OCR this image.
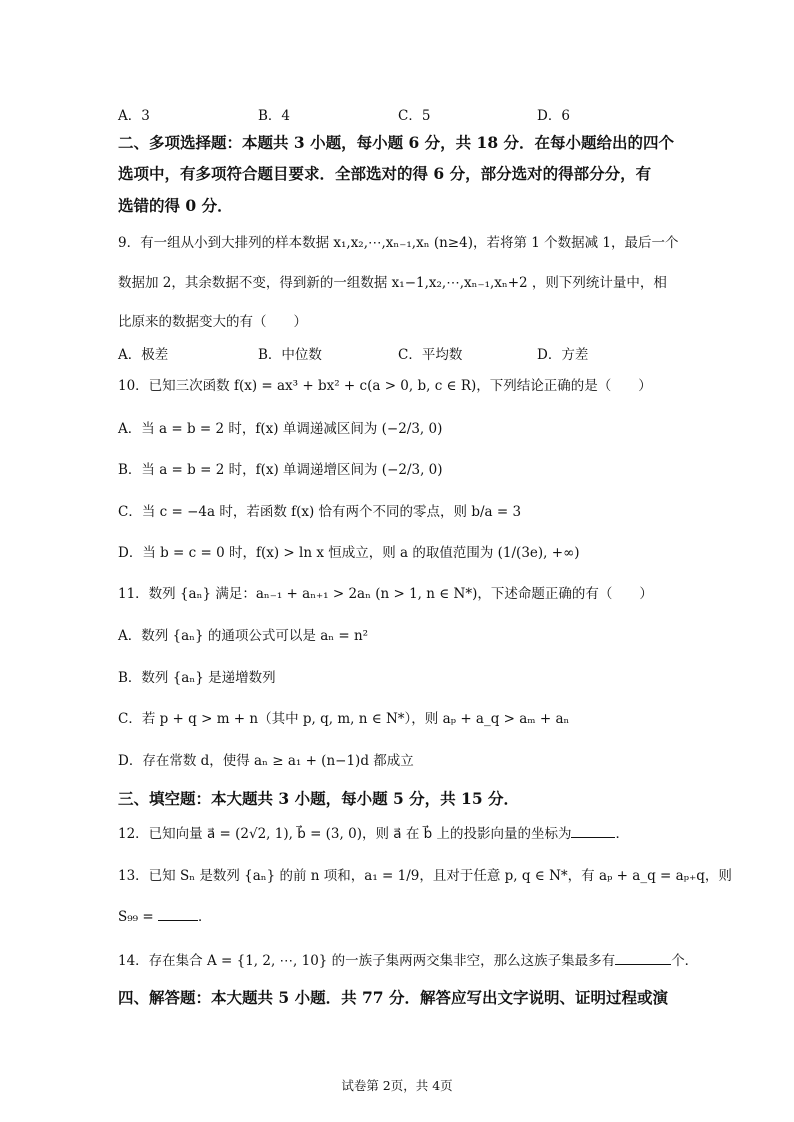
A．3	B．4	C．5	D．6
二、多项选择题：本题共 3 小题，每小题 6 分，共 18 分．在每小题给出的四个
选项中，有多项符合题目要求．全部选对的得 6 分，部分选对的得部分分，有
选错的得 0 分．
9．有一组从小到大排列的样本数据 x₁,x₂,⋯,xₙ₋₁,xₙ (n≥4)，若将第 1 个数据减 1，最后一个
数据加 2，其余数据不变，得到新的一组数据 x₁−1,x₂,⋯,xₙ₋₁,xₙ+2 ，则下列统计量中，相
比原来的数据变大的有（　　）
A．极差	B．中位数	C．平均数	D．方差
10．已知三次函数 f(x) = ax³ + bx² + c(a > 0, b, c ∈ R)，下列结论正确的是（　　）
A．当 a = b = 2 时，f(x) 单调递减区间为 (−2/3, 0)
B．当 a = b = 2 时，f(x) 单调递增区间为 (−2/3, 0)
C．当 c = −4a 时，若函数 f(x) 恰有两个不同的零点，则 b/a = 3
D．当 b = c = 0 时，f(x) > ln x 恒成立，则 a 的取值范围为 (1/(3e), +∞)
11．数列 {aₙ} 满足：aₙ₋₁ + aₙ₊₁ > 2aₙ (n > 1, n ∈ N*)，下述命题正确的有（　　）
A．数列 {aₙ} 的通项公式可以是 aₙ = n²
B．数列 {aₙ} 是递增数列
C．若 p + q > m + n（其中 p, q, m, n ∈ N*），则 aₚ + a_q > aₘ + aₙ
D．存在常数 d，使得 aₙ ≥ a₁ + (n−1)d 都成立
三、填空题：本大题共 3 小题，每小题 5 分，共 15 分．
12．已知向量 a⃗ = (2√2, 1), b⃗ = (3, 0)，则 a⃗ 在 b⃗ 上的投影向量的坐标为	．
13．已知 Sₙ 是数列 {aₙ} 的前 n 项和，a₁ = 1/9，且对于任意 p, q ∈ N*，有 aₚ + a_q = aₚ₊q，则
S₉₉ =	．
14．存在集合 A = {1, 2, ⋯, 10} 的一族子集两两交集非空，那么这族子集最多有	个．
四、解答题：本大题共 5 小题．共 77 分．解答应写出文字说明、证明过程或演
试卷第 2页，共 4页
